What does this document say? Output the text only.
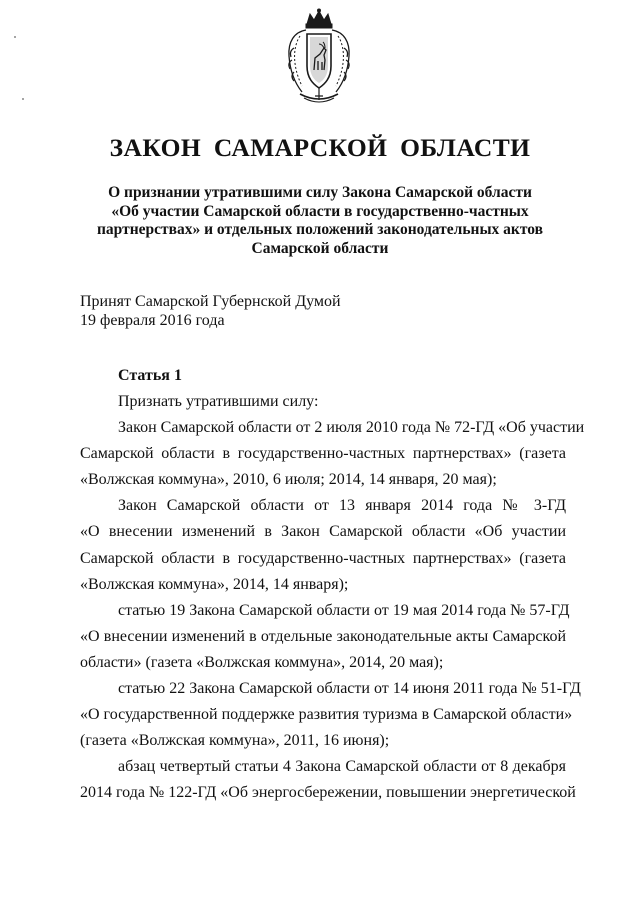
ЗАКОН САМАРСКОЙ ОБЛАСТИ
О признании утратившими силу Закона Самарской области
«Об участии Самарской области в государственно-частных
партнерствах» и отдельных положений законодательных актов
Самарской области
Принят Самарской Губернской Думой
19 февраля 2016 года
Статья 1
Признать утратившими силу:
Закон Самарской области от 2 июля 2010 года № 72-ГД «Об участии
Самарской области в государственно-частных партнерствах» (газета
«Волжская коммуна», 2010, 6 июля; 2014, 14 января, 20 мая);
Закон Самарской области от 13 января 2014 года № 3-ГД
«О внесении изменений в Закон Самарской области «Об участии
Самарской области в государственно-частных партнерствах» (газета
«Волжская коммуна», 2014, 14 января);
статью 19 Закона Самарской области от 19 мая 2014 года № 57-ГД
«О внесении изменений в отдельные законодательные акты Самарской
области» (газета «Волжская коммуна», 2014, 20 мая);
статью 22 Закона Самарской области от 14 июня 2011 года № 51-ГД
«О государственной поддержке развития туризма в Самарской области»
(газета «Волжская коммуна», 2011, 16 июня);
абзац четвертый статьи 4 Закона Самарской области от 8 декабря
2014 года № 122-ГД «Об энергосбережении, повышении энергетической
